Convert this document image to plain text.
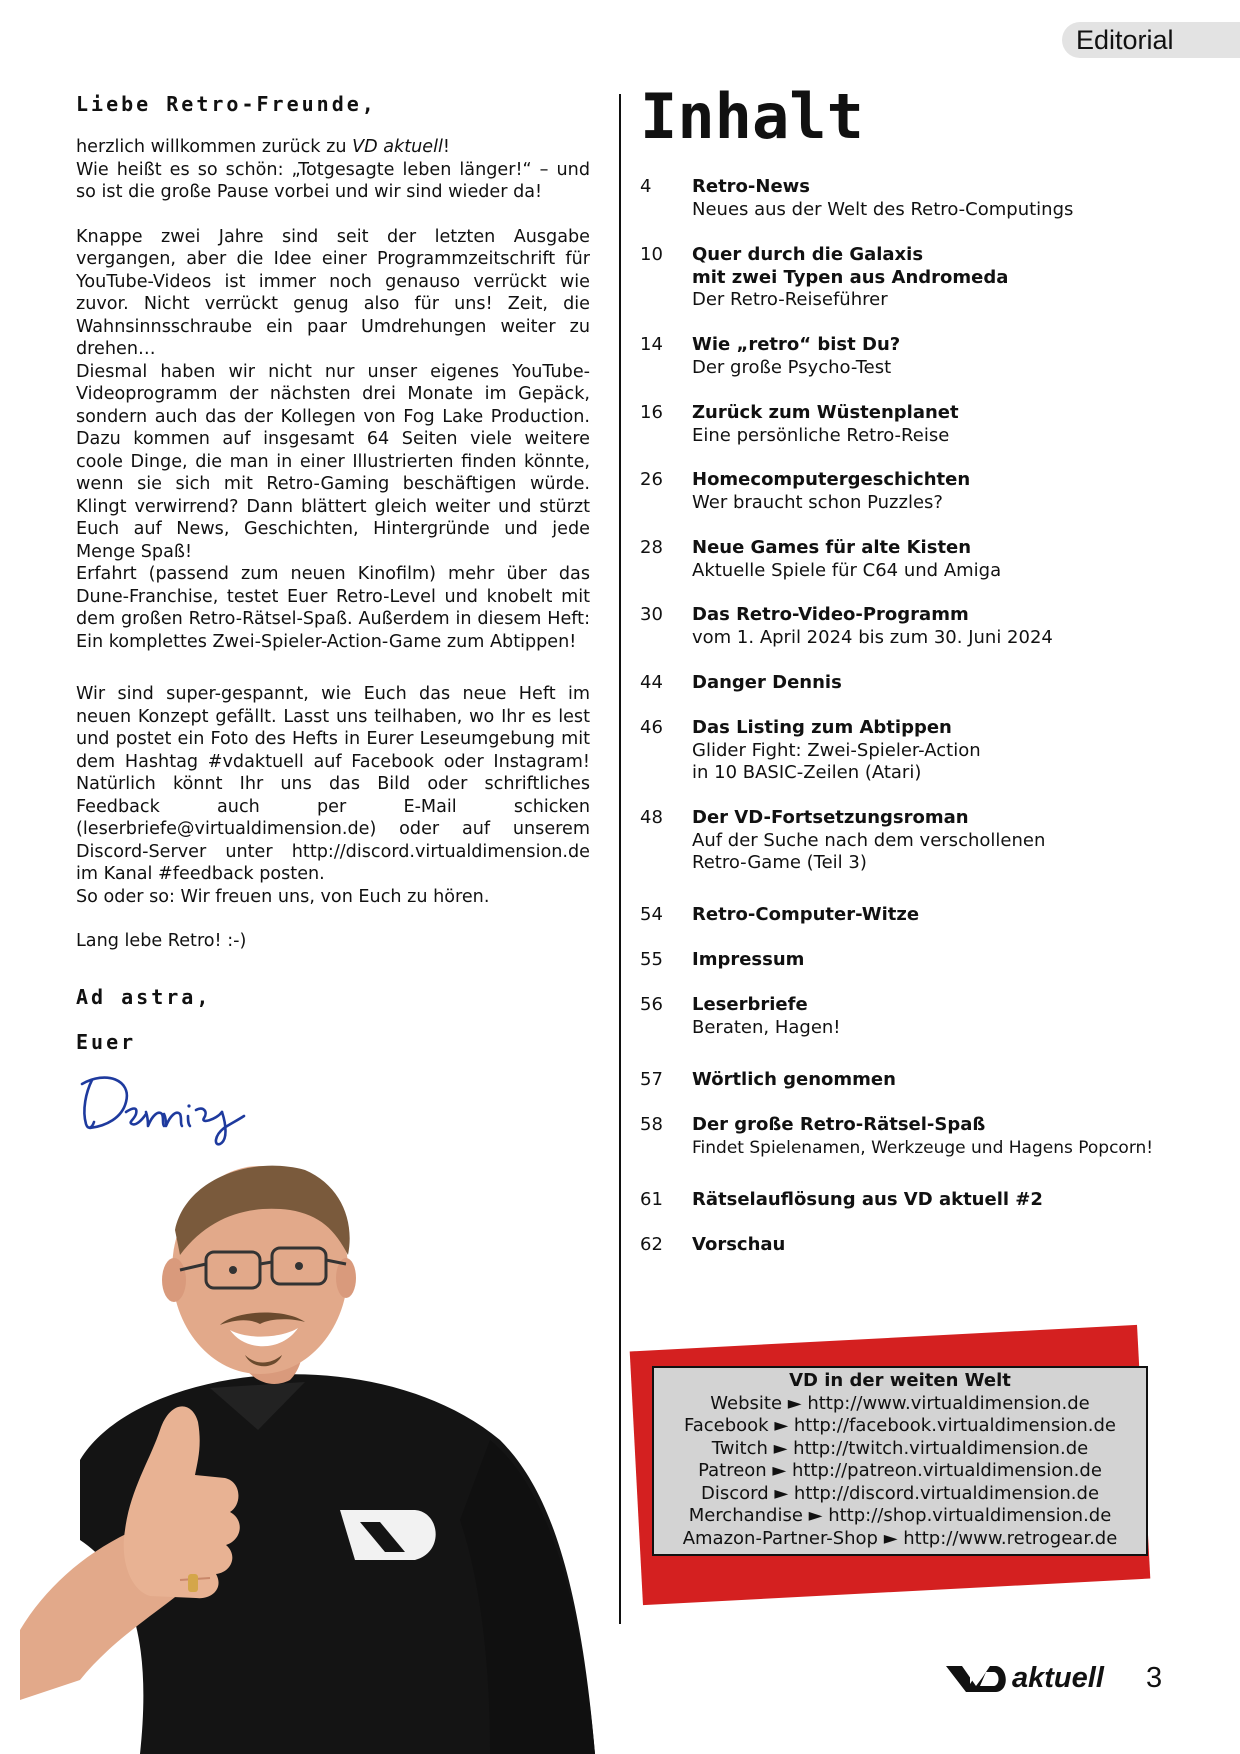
Editorial
Liebe Retro-Freunde,

herzlich willkommen zurück zu VD aktuell!

Wie heißt es so schön: „Totgesagte leben länger!“ – und so ist die große Pause vorbei und wir sind wieder da!

Knappe zwei Jahre sind seit der letzten Ausgabe vergangen, aber die Idee einer Programmzeitschrift für YouTube-Videos ist immer noch genauso verrückt wie zuvor. Nicht verrückt genug also für uns! Zeit, die Wahnsinnsschraube ein paar Umdrehungen weiter zu drehen…

Diesmal haben wir nicht nur unser eigenes YouTube-Videoprogramm der nächsten drei Monate im Gepäck, sondern auch das der Kollegen von Fog Lake Production. Dazu kommen auf insgesamt 64 Seiten viele weitere coole Dinge, die man in einer Illustrierten finden könnte, wenn sie sich mit Retro-Gaming beschäftigen würde. Klingt verwirrend? Dann blättert gleich weiter und stürzt Euch auf News, Geschichten, Hintergründe und jede Menge Spaß!

Erfahrt (passend zum neuen Kinofilm) mehr über das Dune-Franchise, testet Euer Retro-Level und knobelt mit dem großen Retro-Rätsel-Spaß. Außerdem in diesem Heft: Ein komplettes Zwei-Spieler-Action-Game zum Abtippen!

Wir sind super-gespannt, wie Euch das neue Heft im neuen Konzept gefällt. Lasst uns teilhaben, wo Ihr es lest und postet ein Foto des Hefts in Eurer Leseumgebung mit dem Hashtag #vdaktuell auf Facebook oder Instagram! Natürlich könnt Ihr uns das Bild oder schriftliches Feedback auch per E-Mail schicken (leserbriefe@virtualdimension.de) oder auf unserem Discord-Server unter http://discord.virtualdimension.de im Kanal #feedback posten.

So oder so: Wir freuen uns, von Euch zu hören.

Lang lebe Retro! :-)

Ad astra,
Euer
Inhalt
4	Retro-News
Neues aus der Welt des Retro-Computings
10	Quer durch die Galaxis
mit zwei Typen aus Andromeda
Der Retro-Reiseführer
14	Wie „retro“ bist Du?
Der große Psycho-Test
16	Zurück zum Wüstenplanet
Eine persönliche Retro-Reise
26	Homecomputergeschichten
Wer braucht schon Puzzles?
28	Neue Games für alte Kisten
Aktuelle Spiele für C64 und Amiga
30	Das Retro-Video-Programm
vom 1. April 2024 bis zum 30. Juni 2024
44	Danger Dennis
46	Das Listing zum Abtippen
Glider Fight: Zwei-Spieler-Action
in 10 BASIC-Zeilen (Atari)
48	Der VD-Fortsetzungsroman
Auf der Suche nach dem verschollenen
Retro-Game (Teil 3)
54	Retro-Computer-Witze
55	Impressum
56	Leserbriefe
Beraten, Hagen!
57	Wörtlich genommen
58	Der große Retro-Rätsel-Spaß
Findet Spielenamen, Werkzeuge und Hagens Popcorn!
61	Rätselauflösung aus VD aktuell #2
62	Vorschau
VD in der weiten Welt
Website ► http://www.virtualdimension.de
Facebook ► http://facebook.virtualdimension.de
Twitch ► http://twitch.virtualdimension.de
Patreon ► http://patreon.virtualdimension.de
Discord ► http://discord.virtualdimension.de
Merchandise ► http://shop.virtualdimension.de
Amazon-Partner-Shop ► http://www.retrogear.de
aktuell 3
